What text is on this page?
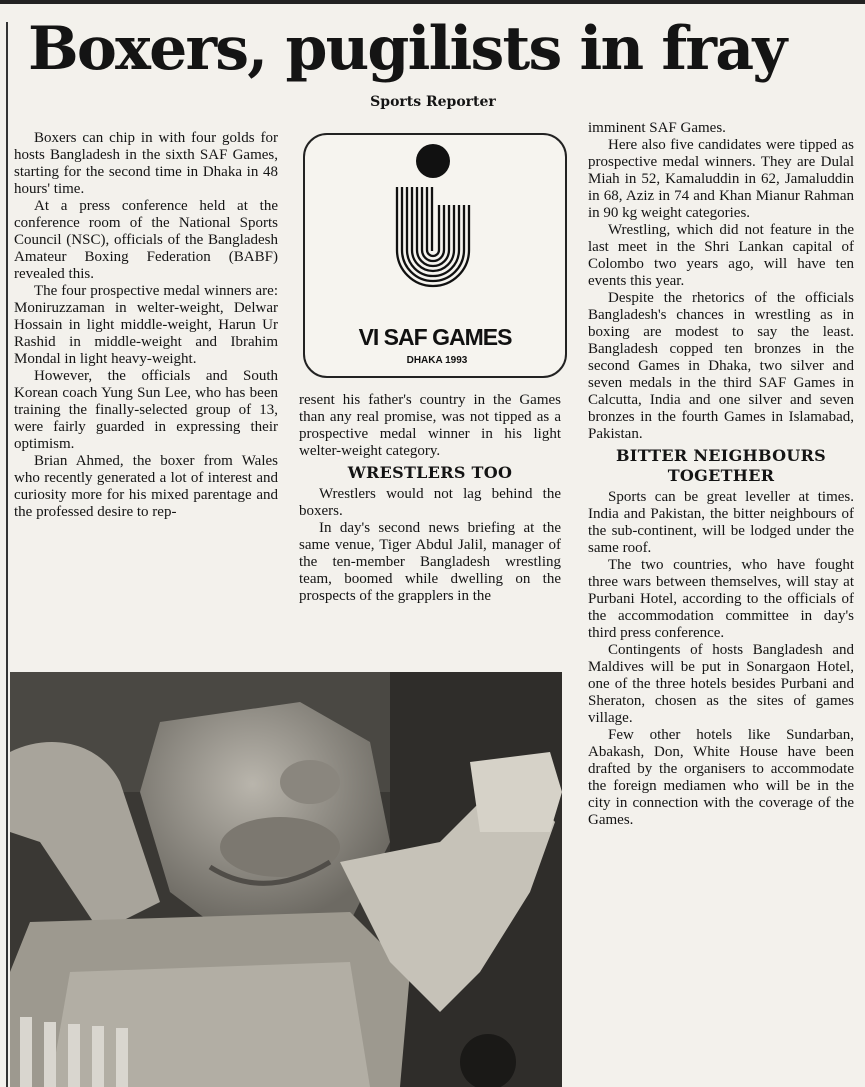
Boxers, pugilists in fray
Sports Reporter

Boxers can chip in with four golds for hosts Bangladesh in the sixth SAF Games, starting for the second time in Dhaka in 48 hours' time.

At a press conference held at the conference room of the National Sports Council (NSC), officials of the Bangladesh Amateur Boxing Federation (BABF) revealed this.

The four prospective medal winners are: Moniruzzaman in welter-weight, Delwar Hossain in light middle-weight, Harun Ur Rashid in middle-weight and Ibrahim Mondal in light heavy-weight.

However, the officials and South Korean coach Yung Sun Lee, who has been training the finally-selected group of 13, were fairly guarded in expressing their optimism.

Brian Ahmed, the boxer from Wales who recently generated a lot of interest and curiosity more for his mixed parentage and the professed desire to rep-

VI SAF GAMES
DHAKA 1993

resent his father's country in the Games than any real promise, was not tipped as a prospective medal winner in his light welter-weight category.

WRESTLERS TOO

Wrestlers would not lag behind the boxers.

In day's second news briefing at the same venue, Tiger Abdul Jalil, manager of the ten-member Bangladesh wrestling team, boomed while dwelling on the prospects of the grapplers in the

imminent SAF Games.

Here also five candidates were tipped as prospective medal winners. They are Dulal Miah in 52, Kamaluddin in 62, Jamaluddin in 68, Aziz in 74 and Khan Mianur Rahman in 90 kg weight categories.

Wrestling, which did not feature in the last meet in the Shri Lankan capital of Colombo two years ago, will have ten events this year.

Despite the rhetorics of the officials Bangladesh's chances in wrestling as in boxing are modest to say the least. Bangladesh copped ten bronzes in the second Games in Dhaka, two silver and seven medals in the third SAF Games in Calcutta, India and one silver and seven bronzes in the fourth Games in Islamabad, Pakistan.

BITTER NEIGHBOURS TOGETHER

Sports can be great leveller at times. India and Pakistan, the bitter neighbours of the sub-continent, will be lodged under the same roof.

The two countries, who have fought three wars between themselves, will stay at Purbani Hotel, according to the officials of the accommodation committee in day's third press conference.

Contingents of hosts Bangladesh and Maldives will be put in Sonargaon Hotel, one of the three hotels besides Purbani and Sheraton, chosen as the sites of games village.

Few other hotels like Sundarban, Abakash, Don, White House have been drafted by the organisers to accommodate the foreign mediamen who will be in the city in connection with the coverage of the Games.
